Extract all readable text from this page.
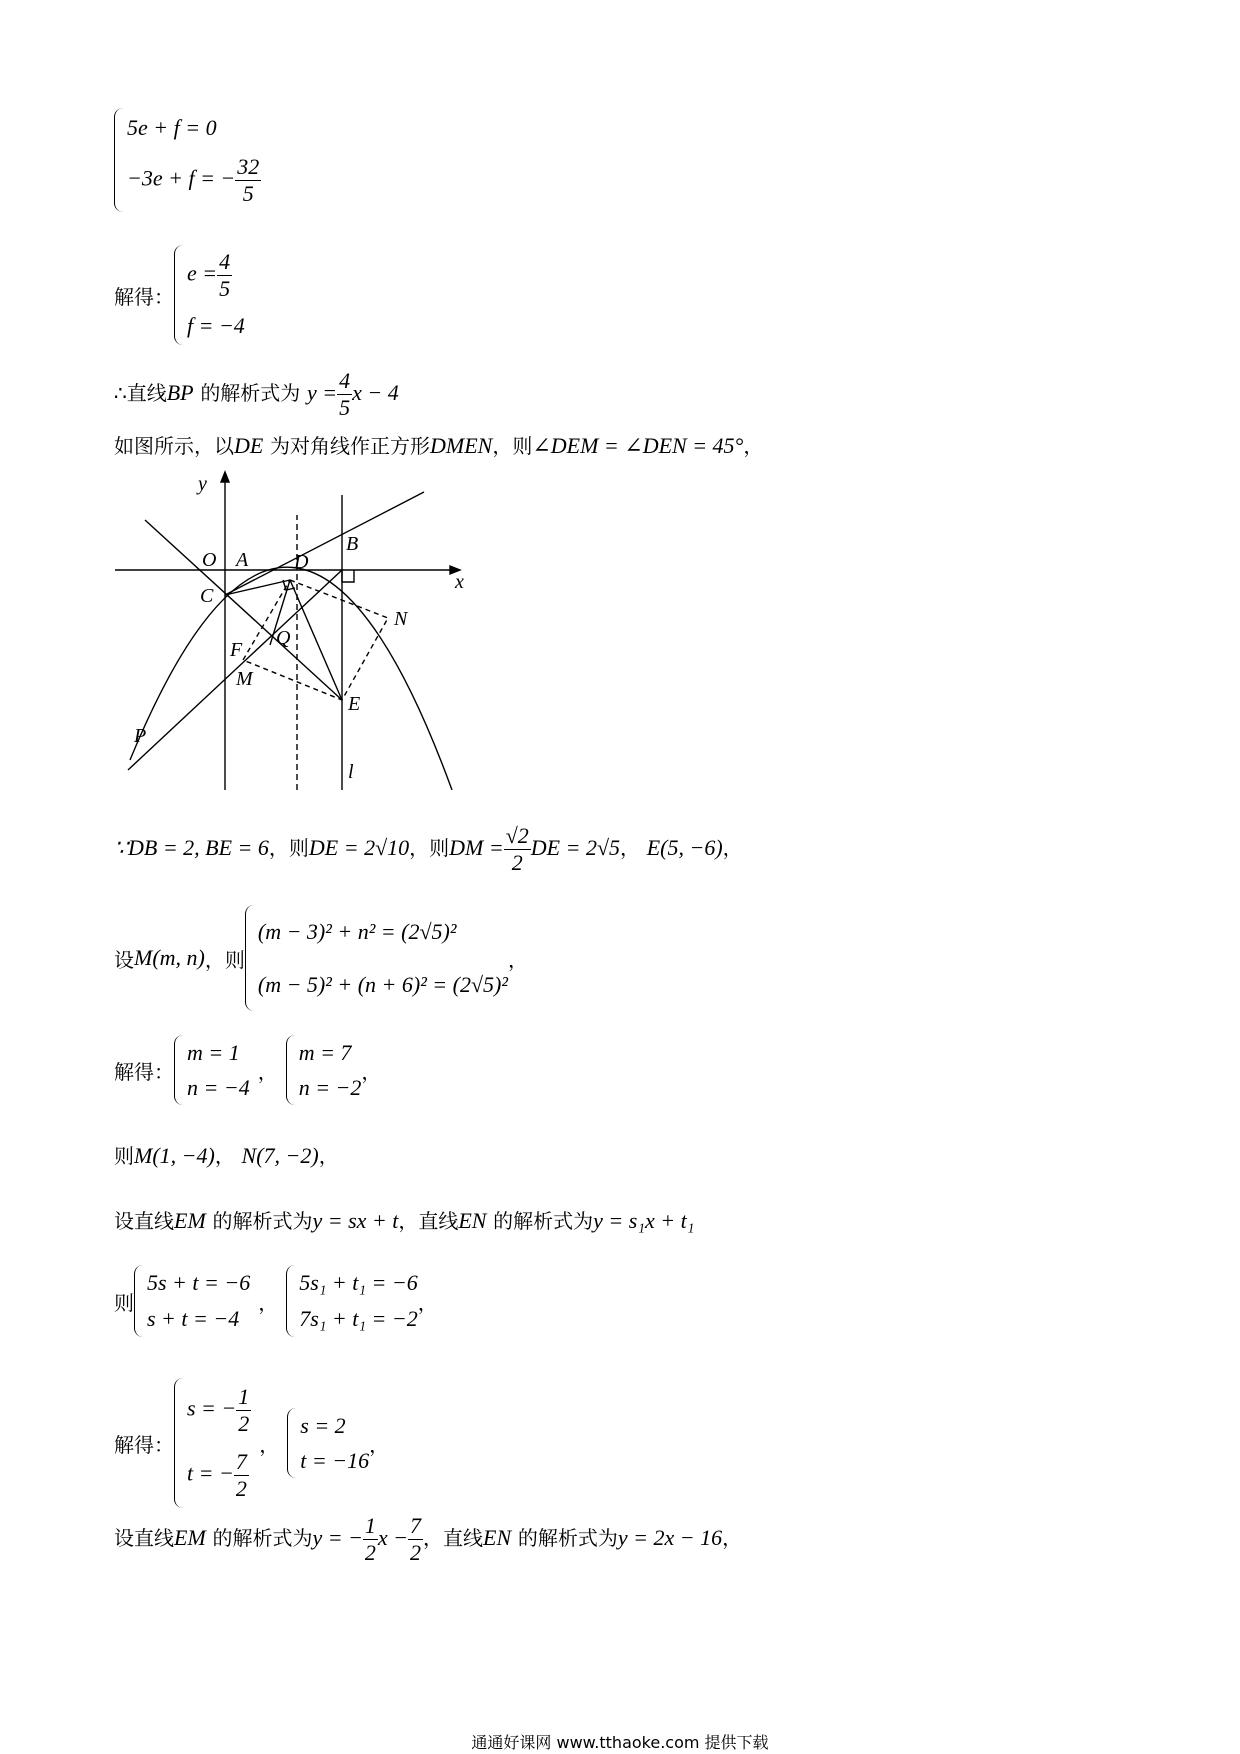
5e + f = 0
−3e + f = − $\frac{32}{5}$
解得：
$e = \frac{4}{5}$
f = −4
∴直线BP 的解析式为 $y = \frac{4}{5}$ x − 4
如图所示，以DE 为对角线作正方形DMEN，则∠DEM = ∠DEN = 45°，
y
x
O A D
B
C
Q
F
M
N
E
P
l
∵DB = 2, BE = 6，则DE = 2√10，则DM = $\frac{√2}{2}$ DE = 2√5， E(5, −6)，
设 M(m, n) ，则
(m − 3)² + n² = (2√5)²
(m − 5)² + (n + 6)² = (2√5)²
，
解得：
m = 1
n = −4
，
m = 7
n = −2
，
则M(1, −4)， N(7, −2)，
设直线EM 的解析式为y = sx + t，直线EN 的解析式为y = s₁x + t₁
则
5s + t = −6
s + t = −4
，
5s₁ + t₁ = −6
7s₁ + t₁ = −2
，
解得：
s = − $\frac{1}{2}$
t = − $\frac{7}{2}$
，
s = 2
t = −16
，
设直线EM 的解析式为y = − $\frac{1}{2}$ $x - \frac{7}{2}$ ，直线EN 的解析式为y = 2x − 16，
通通好课网 www.tthaoke.com 提供下载
